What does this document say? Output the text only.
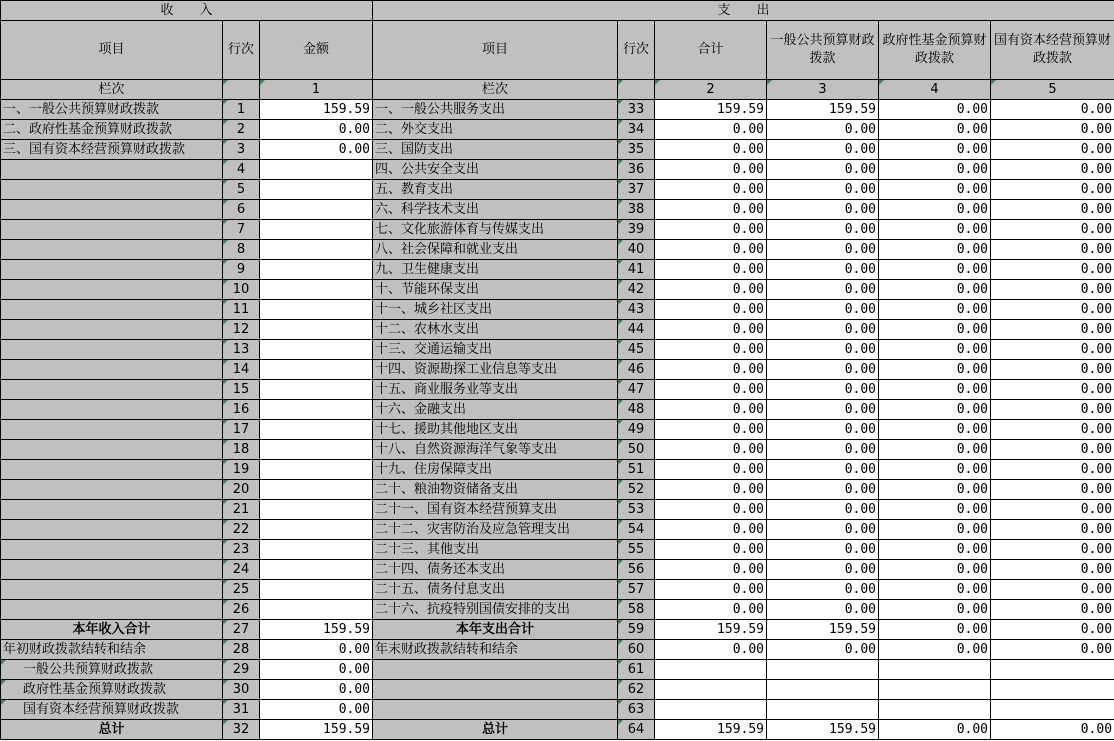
收　　入			支　　出					
项目	行次	金额	项目	行次	合计	一般公共预算财政拨款	政府性基金预算财政拨款	国有资本经营预算财政拨款
栏次		1	栏次		2	3	4	5
一、一般公共预算财政拨款	1	159.59	一、一般公共服务支出	33	159.59	159.59	0.00	0.00
二、政府性基金预算财政拨款	2	0.00	二、外交支出	34	0.00	0.00	0.00	0.00
三、国有资本经营预算财政拨款	3	0.00	三、国防支出	35	0.00	0.00	0.00	0.00
	4		四、公共安全支出	36	0.00	0.00	0.00	0.00
	5		五、教育支出	37	0.00	0.00	0.00	0.00
	6		六、科学技术支出	38	0.00	0.00	0.00	0.00
	7		七、文化旅游体育与传媒支出	39	0.00	0.00	0.00	0.00
	8		八、社会保障和就业支出	40	0.00	0.00	0.00	0.00
	9		九、卫生健康支出	41	0.00	0.00	0.00	0.00
	10		十、节能环保支出	42	0.00	0.00	0.00	0.00
	11		十一、城乡社区支出	43	0.00	0.00	0.00	0.00
	12		十二、农林水支出	44	0.00	0.00	0.00	0.00
	13		十三、交通运输支出	45	0.00	0.00	0.00	0.00
	14		十四、资源勘探工业信息等支出	46	0.00	0.00	0.00	0.00
	15		十五、商业服务业等支出	47	0.00	0.00	0.00	0.00
	16		十六、金融支出	48	0.00	0.00	0.00	0.00
	17		十七、援助其他地区支出	49	0.00	0.00	0.00	0.00
	18		十八、自然资源海洋气象等支出	50	0.00	0.00	0.00	0.00
	19		十九、住房保障支出	51	0.00	0.00	0.00	0.00
	20		二十、粮油物资储备支出	52	0.00	0.00	0.00	0.00
	21		二十一、国有资本经营预算支出	53	0.00	0.00	0.00	0.00
	22		二十二、灾害防治及应急管理支出	54	0.00	0.00	0.00	0.00
	23		二十三、其他支出	55	0.00	0.00	0.00	0.00
	24		二十四、债务还本支出	56	0.00	0.00	0.00	0.00
	25		二十五、债务付息支出	57	0.00	0.00	0.00	0.00
	26		二十六、抗疫特别国债安排的支出	58	0.00	0.00	0.00	0.00
本年收入合计	27	159.59	本年支出合计	59	159.59	159.59	0.00	0.00
年初财政拨款结转和结余	28	0.00	年末财政拨款结转和结余	60	0.00	0.00	0.00	0.00
一般公共预算财政拨款	29	0.00		61				
政府性基金预算财政拨款	30	0.00		62				
国有资本经营预算财政拨款	31	0.00		63				
总计	32	159.59	总计	64	159.59	159.59	0.00	0.00
